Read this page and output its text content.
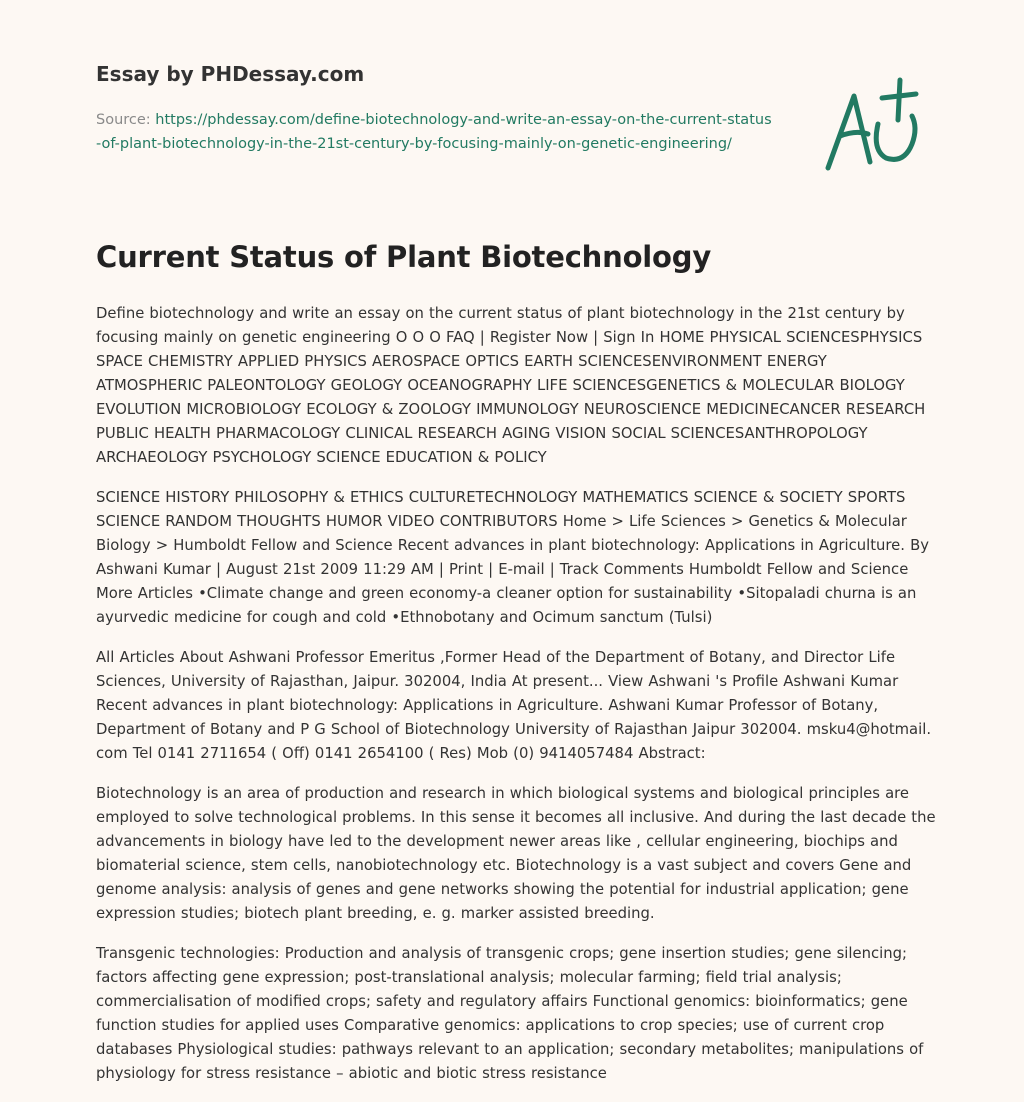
Essay by PHDessay.com

Source: https://phdessay.com/define-biotechnology-and-write-an-essay-on-the-current-status-of-plant-biotechnology-in-the-21st-century-by-focusing-mainly-on-genetic-engineering/

Current Status of Plant Biotechnology

Define biotechnology and write an essay on the current status of plant biotechnology in the 21st century by focusing mainly on genetic engineering O O O FAQ | Register Now | Sign In HOME PHYSICAL SCIENCESPHYSICS SPACE CHEMISTRY APPLIED PHYSICS AEROSPACE OPTICS EARTH SCIENCESENVIRONMENT ENERGY ATMOSPHERIC PALEONTOLOGY GEOLOGY OCEANOGRAPHY LIFE SCIENCESGENETICS & MOLECULAR BIOLOGY EVOLUTION MICROBIOLOGY ECOLOGY & ZOOLOGY IMMUNOLOGY NEUROSCIENCE MEDICINECANCER RESEARCH PUBLIC HEALTH PHARMACOLOGY CLINICAL RESEARCH AGING VISION SOCIAL SCIENCESANTHROPOLOGY ARCHAEOLOGY PSYCHOLOGY SCIENCE EDUCATION & POLICY

SCIENCE HISTORY PHILOSOPHY & ETHICS CULTURETECHNOLOGY MATHEMATICS SCIENCE & SOCIETY SPORTS SCIENCE RANDOM THOUGHTS HUMOR VIDEO CONTRIBUTORS Home > Life Sciences > Genetics & Molecular Biology > Humboldt Fellow and Science Recent advances in plant biotechnology: Applications in Agriculture. By Ashwani Kumar | August 21st 2009 11:29 AM | Print | E-mail | Track Comments Humboldt Fellow and Science More Articles •Climate change and green economy-a cleaner option for sustainability •Sitopaladi churna is an ayurvedic medicine for cough and cold •Ethnobotany and Ocimum sanctum (Tulsi)

All Articles About Ashwani Professor Emeritus ,Former Head of the Department of Botany, and Director Life Sciences, University of Rajasthan, Jaipur. 302004, India At present... View Ashwani 's Profile Ashwani Kumar Recent advances in plant biotechnology: Applications in Agriculture. Ashwani Kumar Professor of Botany, Department of Botany and P G School of Biotechnology University of Rajasthan Jaipur 302004. msku4@hotmail. com Tel 0141 2711654 ( Off) 0141 2654100 ( Res) Mob (0) 9414057484 Abstract:

Biotechnology is an area of production and research in which biological systems and biological principles are employed to solve technological problems. In this sense it becomes all inclusive. And during the last decade the advancements in biology have led to the development newer areas like , cellular engineering, biochips and biomaterial science, stem cells, nanobiotechnology etc. Biotechnology is a vast subject and covers Gene and genome analysis: analysis of genes and gene networks showing the potential for industrial application; gene expression studies; biotech plant breeding, e. g. marker assisted breeding.

Transgenic technologies: Production and analysis of transgenic crops; gene insertion studies; gene silencing; factors affecting gene expression; post-translational analysis; molecular farming; field trial analysis; commercialisation of modified crops; safety and regulatory affairs Functional genomics: bioinformatics; gene function studies for applied uses Comparative genomics: applications to crop species; use of current crop databases Physiological studies: pathways relevant to an application; secondary metabolites; manipulations of physiology for stress resistance – abiotic and biotic stress resistance
